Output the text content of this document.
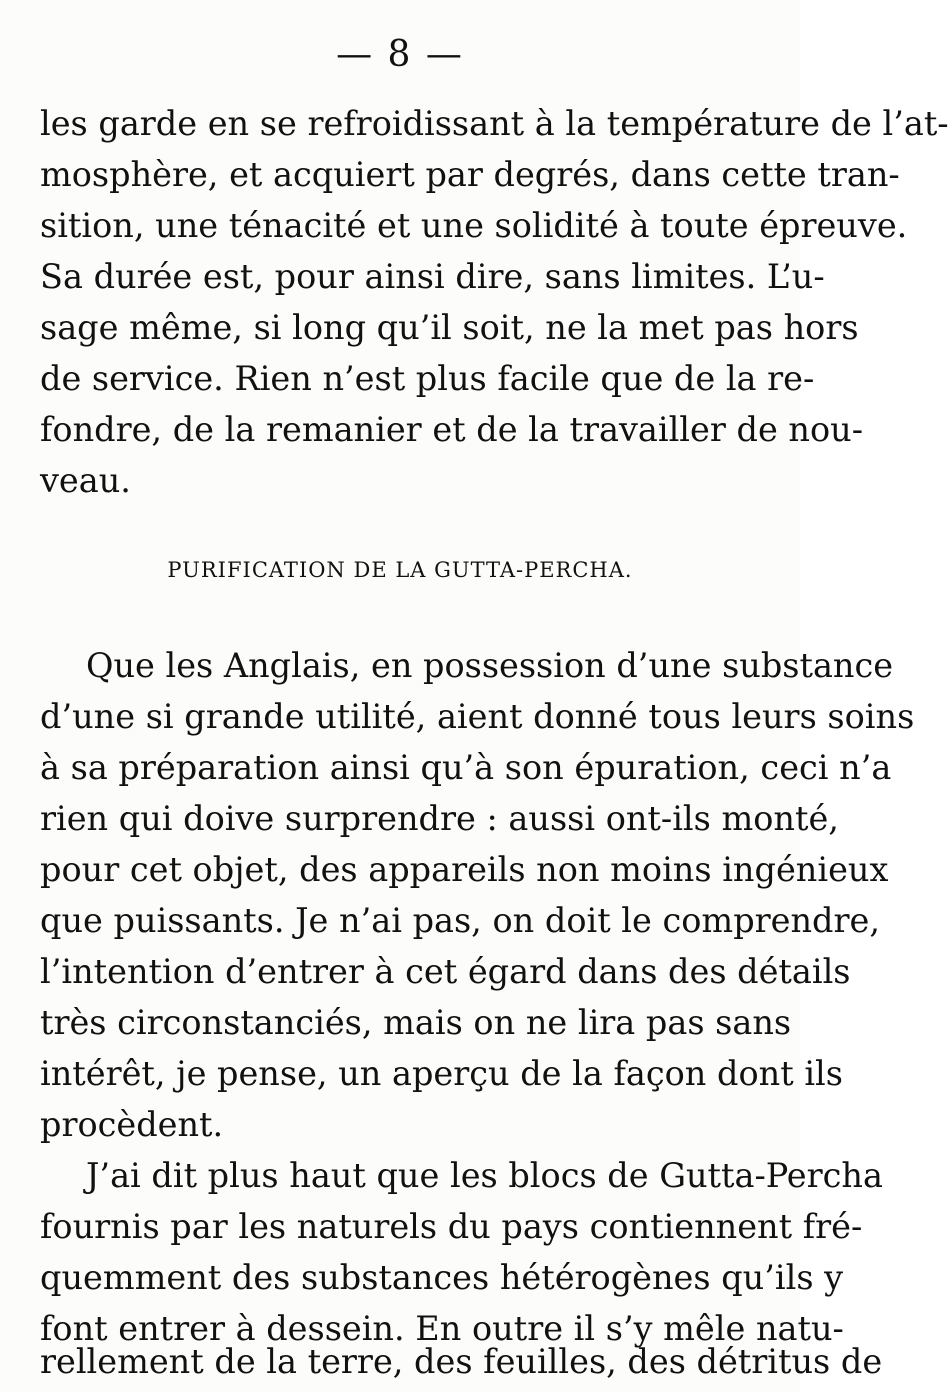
— 8 —
les garde en se refroidissant à la température de l’at-
mosphère, et acquiert par degrés, dans cette tran-
sition, une ténacité et une solidité à toute épreuve.
Sa durée est, pour ainsi dire, sans limites. L’u-
sage même, si long qu’il soit, ne la met pas hors
de service. Rien n’est plus facile que de la re-
fondre, de la remanier et de la travailler de nou-
veau.
PURIFICATION DE LA GUTTA-PERCHA.
Que les Anglais, en possession d’une substance
d’une si grande utilité, aient donné tous leurs soins
à sa préparation ainsi qu’à son épuration, ceci n’a
rien qui doive surprendre : aussi ont-ils monté,
pour cet objet, des appareils non moins ingénieux
que puissants. Je n’ai pas, on doit le comprendre,
l’intention d’entrer à cet égard dans des détails
très circonstanciés, mais on ne lira pas sans
intérêt, je pense, un aperçu de la façon dont ils
procèdent.
J’ai dit plus haut que les blocs de Gutta-Percha
fournis par les naturels du pays contiennent fré-
quemment des substances hétérogènes qu’ils y
font entrer à dessein. En outre il s’y mêle natu-
rellement de la terre, des feuilles, des détritus de
